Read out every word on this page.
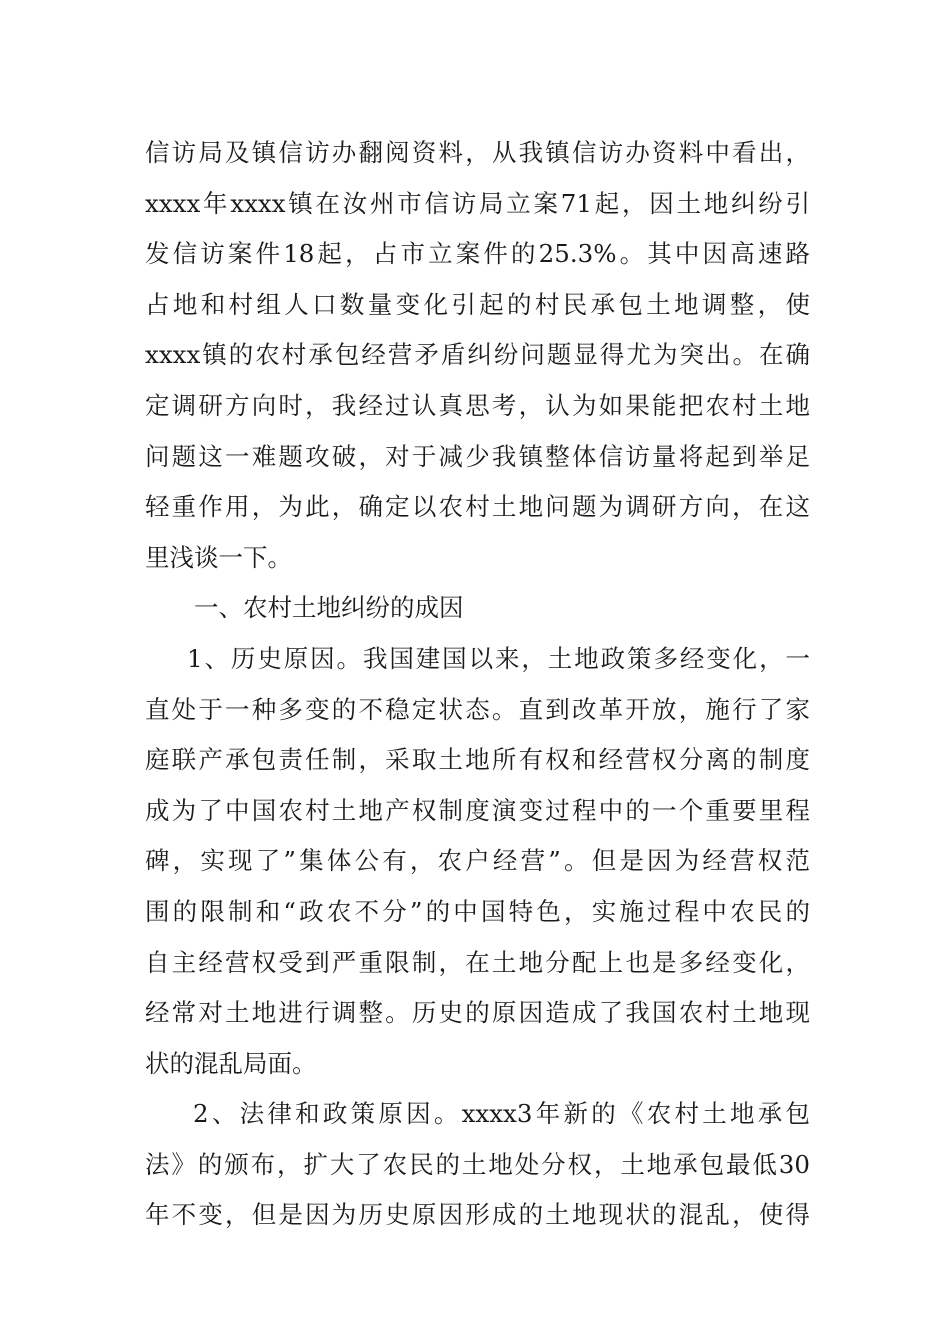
信访局及镇信访办翻阅资料，从我镇信访办资料中看出，
xxxx年xxxx镇在汝州市信访局立案71起，因土地纠纷引
发信访案件18起，占市立案件的25.3%。其中因高速路
占地和村组人口数量变化引起的村民承包土地调整，使
xxxx镇的农村承包经营矛盾纠纷问题显得尤为突出。在确
定调研方向时，我经过认真思考，认为如果能把农村土地
问题这一难题攻破，对于减少我镇整体信访量将起到举足
轻重作用，为此，确定以农村土地问题为调研方向，在这
里浅谈一下。
一、农村土地纠纷的成因
1、历史原因。我国建国以来，土地政策多经变化，一
直处于一种多变的不稳定状态。直到改革开放，施行了家
庭联产承包责任制，采取土地所有权和经营权分离的制度
成为了中国农村土地产权制度演变过程中的一个重要里程
碑，实现了”集体公有，农户经营”。但是因为经营权范
围的限制和“政农不分”的中国特色，实施过程中农民的
自主经营权受到严重限制，在土地分配上也是多经变化，
经常对土地进行调整。历史的原因造成了我国农村土地现
状的混乱局面。
2、法律和政策原因。xxxx3年新的《农村土地承包
法》的颁布，扩大了农民的土地处分权，土地承包最低30
年不变，但是因为历史原因形成的土地现状的混乱，使得
